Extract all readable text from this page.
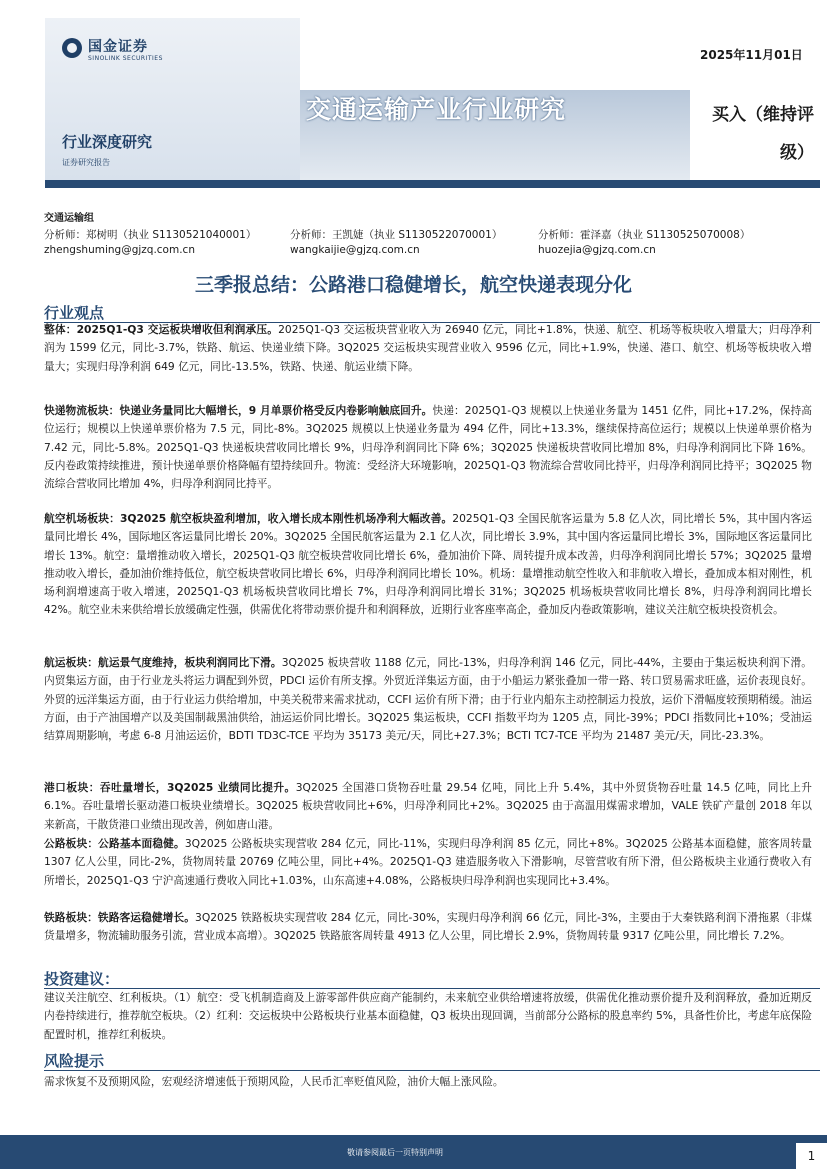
国金证券
SINOLINK SECURITIES	2025年11月01日
交通运输产业行业研究	买入（维持评级）
行业深度研究
证券研究报告
交通运输组
分析师：郑树明（执业 S1130521040001）
zhengshuming@gjzq.com.cn
分析师：王凯婕（执业 S1130522070001）
wangkaijie@gjzq.com.cn
分析师：霍泽嘉（执业 S1130525070008）
huozejia@gjzq.com.cn
三季报总结：公路港口稳健增长，航空快递表现分化
行业观点
整体：2025Q1-Q3 交运板块增收但利润承压。2025Q1-Q3 交运板块营业收入为 26940 亿元，同比+1.8%，快递、航空、机场等板块收入增量大；归母净利润为 1599 亿元，同比-3.7%，铁路、航运、快递业绩下降。3Q2025 交运板块实现营业收入 9596 亿元，同比+1.9%，快递、港口、航空、机场等板块收入增量大；实现归母净利润 649 亿元，同比-13.5%，铁路、快递、航运业绩下降。
快递物流板块：快递业务量同比大幅增长，9 月单票价格受反内卷影响触底回升。快递：2025Q1-Q3 规模以上快递业务量为 1451 亿件，同比+17.2%，保持高位运行；规模以上快递单票价格为 7.5 元，同比-8%。3Q2025 规模以上快递业务量为 494 亿件，同比+13.3%，继续保持高位运行；规模以上快递单票价格为 7.42 元，同比-5.8%。2025Q1-Q3 快递板块营收同比增长 9%，归母净利润同比下降 6%；3Q2025 快递板块营收同比增加 8%，归母净利润同比下降 16%。反内卷政策持续推进，预计快递单票价格降幅有望持续回升。物流：受经济大环境影响，2025Q1-Q3 物流综合营收同比持平，归母净利润同比持平；3Q2025 物流综合营收同比增加 4%，归母净利润同比持平。
航空机场板块：3Q2025 航空板块盈利增加，收入增长成本刚性机场净利大幅改善。2025Q1-Q3 全国民航客运量为 5.8 亿人次，同比增长 5%，其中国内客运量同比增长 4%，国际地区客运量同比增长 20%。3Q2025 全国民航客运量为 2.1 亿人次，同比增长 3.9%，其中国内客运量同比增长 3%，国际地区客运量同比增长 13%。航空：量增推动收入增长，2025Q1-Q3 航空板块营收同比增长 6%，叠加油价下降、周转提升成本改善，归母净利润同比增长 57%；3Q2025 量增推动收入增长，叠加油价维持低位，航空板块营收同比增长 6%，归母净利润同比增长 10%。机场：量增推动航空性收入和非航收入增长，叠加成本相对刚性，机场利润增速高于收入增速，2025Q1-Q3 机场板块营收同比增长 7%，归母净利润同比增长 31%；3Q2025 机场板块营收同比增长 8%，归母净利润同比增长 42%。航空业未来供给增长放缓确定性强，供需优化将带动票价提升和利润释放，近期行业客座率高企，叠加反内卷政策影响，建议关注航空板块投资机会。
航运板块：航运景气度维持，板块利润同比下滑。3Q2025 板块营收 1188 亿元，同比-13%，归母净利润 146 亿元，同比-44%，主要由于集运板块利润下滑。内贸集运方面，由于行业龙头将运力调配到外贸，PDCI 运价有所支撑。外贸近洋集运方面，由于小船运力紧张叠加一带一路、转口贸易需求旺盛，运价表现良好。外贸的远洋集运方面，由于行业运力供给增加，中美关税带来需求扰动，CCFI 运价有所下滑；由于行业内船东主动控制运力投放，运价下滑幅度较预期稍缓。油运方面，由于产油国增产以及美国制裁黑油供给，油运运价同比增长。3Q2025 集运板块，CCFI 指数平均为 1205 点，同比-39%；PDCI 指数同比+10%；受油运结算周期影响，考虑 6-8 月油运运价，BDTI TD3C-TCE 平均为 35173 美元/天，同比+27.3%；BCTI TC7-TCE 平均为 21487 美元/天，同比-23.3%。
港口板块：吞吐量增长，3Q2025 业绩同比提升。3Q2025 全国港口货物吞吐量 29.54 亿吨，同比上升 5.4%，其中外贸货物吞吐量 14.5 亿吨，同比上升 6.1%。吞吐量增长驱动港口板块业绩增长。3Q2025 板块营收同比+6%，归母净利同比+2%。3Q2025 由于高温用煤需求增加，VALE 铁矿产量创 2018 年以来新高，干散货港口业绩出现改善，例如唐山港。
公路板块：公路基本面稳健。3Q2025 公路板块实现营收 284 亿元，同比-11%，实现归母净利润 85 亿元，同比+8%。3Q2025 公路基本面稳健，旅客周转量 1307 亿人公里，同比-2%，货物周转量 20769 亿吨公里，同比+4%。2025Q1-Q3 建造服务收入下滑影响，尽管营收有所下滑，但公路板块主业通行费收入有所增长，2025Q1-Q3 宁沪高速通行费收入同比+1.03%，山东高速+4.08%，公路板块归母净利润也实现同比+3.4%。
铁路板块：铁路客运稳健增长。3Q2025 铁路板块实现营收 284 亿元，同比-30%，实现归母净利润 66 亿元，同比-3%，主要由于大秦铁路利润下滑拖累（非煤货量增多，物流辅助服务引流，营业成本高增）。3Q2025 铁路旅客周转量 4913 亿人公里，同比增长 2.9%，货物周转量 9317 亿吨公里，同比增长 7.2%。
投资建议：
建议关注航空、红利板块。（1）航空：受飞机制造商及上游零部件供应商产能制约，未来航空业供给增速将放缓，供需优化推动票价提升及利润释放，叠加近期反内卷持续进行，推荐航空板块。（2）红利：交运板块中公路板块行业基本面稳健，Q3 板块出现回调，当前部分公路标的股息率约 5%，具备性价比，考虑年底保险配置时机，推荐红利板块。
风险提示
需求恢复不及预期风险，宏观经济增速低于预期风险，人民币汇率贬值风险，油价大幅上涨风险。
敬请参阅最后一页特别声明	1
